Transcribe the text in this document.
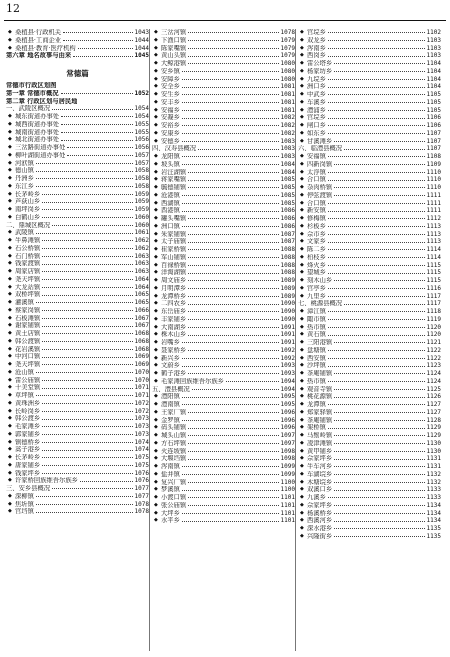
12
◆ 桑植县·行政机关	1043
◆ 桑植县·工商企业	1044
◆ 桑植县·教育·医疗机构	1044
第六章 地名故事与由来	1045
常德篇
常德市行政区划图
第一章 常德市概况	1052
第二章 行政区划与居民地
一、武陵区概况	1054
◆ 城东街道办事处	1054
◆ 城西街道办事处	1055
◆ 城南街道办事处	1055
◆ 城北街道办事处	1056
◆ 三岔路街道办事处	1056
◆ 柳叶湖街道办事处	1057
◆ 河洑镇	1057
◆ 德山镇	1058
◆ 丹洲乡	1058
◆ 东江乡	1058
◆ 长茅岭乡	1059
◆ 芦荻山乡	1059
◆ 南坪岗乡	1059
◆ 白鹤山乡	1060
二、鼎城区概况	1060
◆ 武陵镇	1061
◆ 牛鼻滩镇	1062
◆ 石公桥镇	1062
◆ 石门桥镇	1063
◆ 钱家渡镇	1063
◆ 周家店镇	1063
◆ 尧天坪镇	1064
◆ 大龙站镇	1064
◆ 双桥坪镇	1065
◆ 灌溪镇	1065
◆ 蔡家岗镇	1066
◆ 石板滩镇	1067
◆ 谢家铺镇	1067
◆ 黄土店镇	1068
◆ 韩公渡镇	1068
◆ 花岩溪镇	1068
◆ 中河口镇	1069
◆ 尧天坪镇	1069
◆ 沧山镇	1070
◆ 雷公庙镇	1070
◆ 十美堂镇	1071
◆ 草坪镇	1071
◆ 黄珠洲乡	1072
◆ 长岭岗乡	1072
◆ 韩公渡乡	1073
◆ 毛家滩乡	1073
◆ 郭家铺乡	1073
◆ 镇德桥乡	1074
◆ 蒿子港乡	1074
◆ 长茅岭乡	1075
◆ 唐家铺乡	1075
◆ 钱家坪乡	1076
◆ 许家桥回族维吾尔族乡	1076
三、安乡县概况	1077
◆ 深柳镇	1077
◆ 焦圻镇	1078
◆ 官垱镇	1078
◆ 三岔河镇	1078
◆ 下渔口镇	1079
◆ 陈家嘴镇	1079
◆ 黄山头镇	1079
◆ 大鲸港镇	1080
◆ 安乡镇	1080
◆ 安障乡	1080
◆ 安全乡	1081
◆ 安生乡	1081
◆ 安丰乡	1081
◆ 安福乡	1081
◆ 安凝乡	1082
◆ 安裕乡	1082
◆ 安康乡	1082
◆ 安德乡	1083
四、汉寿县概况	1083
◆ 龙阳镇	1083
◆ 坡头镇	1084
◆ 岩汪湖镇	1084
◆ 蒋家嘴镇	1085
◆ 毓德铺镇	1085
◆ 沧港镇	1085
◆ 西湖镇	1085
◆ 酉港镇	1086
◆ 罐头嘴镇	1086
◆ 洲口镇	1086
◆ 朱家铺镇	1087
◆ 太子庙镇	1087
◆ 崔家桥镇	1088
◆ 军山铺镇	1088
◆ 百禄桥镇	1088
◆ 洋淘湖镇	1088
◆ 周文庙乡	1089
◆ 月明潭乡	1089
◆ 龙潭桥乡	1089
◆ 二四农乡	1090
◆ 东岳庙乡	1090
◆ 丰家铺乡	1090
◆ 大南湖乡	1091
◆ 株木山乡	1091
◆ 岩嘴乡	1091
◆ 聂家桥乡	1092
◆ 新兴乡	1092
◆ 文蔚乡	1093
◆ 鹤子港乡	1093
◆ 毛家滩回族维吾尔族乡	1094
五、澧县概况	1094
◆ 澧阳镇	1095
◆ 澧南镇	1095
◆ 王家厂镇	1096
◆ 金罗镇	1096
◆ 码头铺镇	1096
◆ 城头山镇	1097
◆ 方石坪镇	1097
◆ 火连坡镇	1098
◆ 大堰垱镇	1098
◆ 涔南镇	1099
◆ 盐井镇	1099
◆ 复兴厂镇	1100
◆ 梦溪镇	1100
◆ 小渡口镇	1101
◆ 张公庙镇	1101
◆ 大坪乡	1101
◆ 水平乡	1101
◆ 官垸乡	1102
◆ 双龙乡	1103
◆ 涔南乡	1103
◆ 西岗乡	1103
◆ 雷公塔乡	1104
◆ 杨家坊乡	1104
◆ 九垸乡	1104
◆ 洲口乡	1104
◆ 中武乡	1105
◆ 车溪乡	1105
◆ 澧浦乡	1105
◆ 官垸乡	1106
◆ 闸口乡	1106
◆ 如东乡	1107
◆ 甘溪滩乡	1107
六、临澧县概况	1107
◆ 安福镇	1108
◆ 四新岗镇	1109
◆ 太浮镇	1110
◆ 合口镇	1110
◆ 杂肉桥镇	1110
◆ 停弦渡镇	1111
◆ 合口镇	1111
◆ 新安镇	1111
◆ 修梅镇	1112
◆ 杉板乡	1113
◆ 佘市乡	1113
◆ 文家乡	1113
◆ 陈二乡	1114
◆ 柏枝乡	1114
◆ 烽火乡	1115
◆ 望城乡	1115
◆ 刻木山乡	1115
◆ 官亭乡	1116
◆ 九里乡	1117
七、桃源县概况	1117
◆ 漳江镇	1118
◆ 陬市镇	1119
◆ 热市镇	1120
◆ 黄石镇	1120
◆ 三阳港镇	1121
◆ 盘塘镇	1122
◆ 西安镇	1122
◆ 沙坪镇	1123
◆ 茶庵铺镇	1124
◆ 热市镇	1124
◆ 观音寺镇	1125
◆ 桃花源镇	1126
◆ 龙潭镇	1127
◆ 郑家驿镇	1127
◆ 茶庵铺镇	1128
◆ 架桥镇	1129
◆ 马鬃岭镇	1129
◆ 凌津滩镇	1130
◆ 黄甲铺乡	1130
◆ 佘家坪乡	1131
◆ 牛车河乡	1131
◆ 车湖垸乡	1132
◆ 木塘垸乡	1132
◆ 双溪口乡	1133
◆ 九溪乡	1133
◆ 佘家坪乡	1134
◆ 杨溪桥乡	1134
◆ 西溪河乡	1134
◆ 深水港乡	1135
◆ 兴隆街乡	1135
